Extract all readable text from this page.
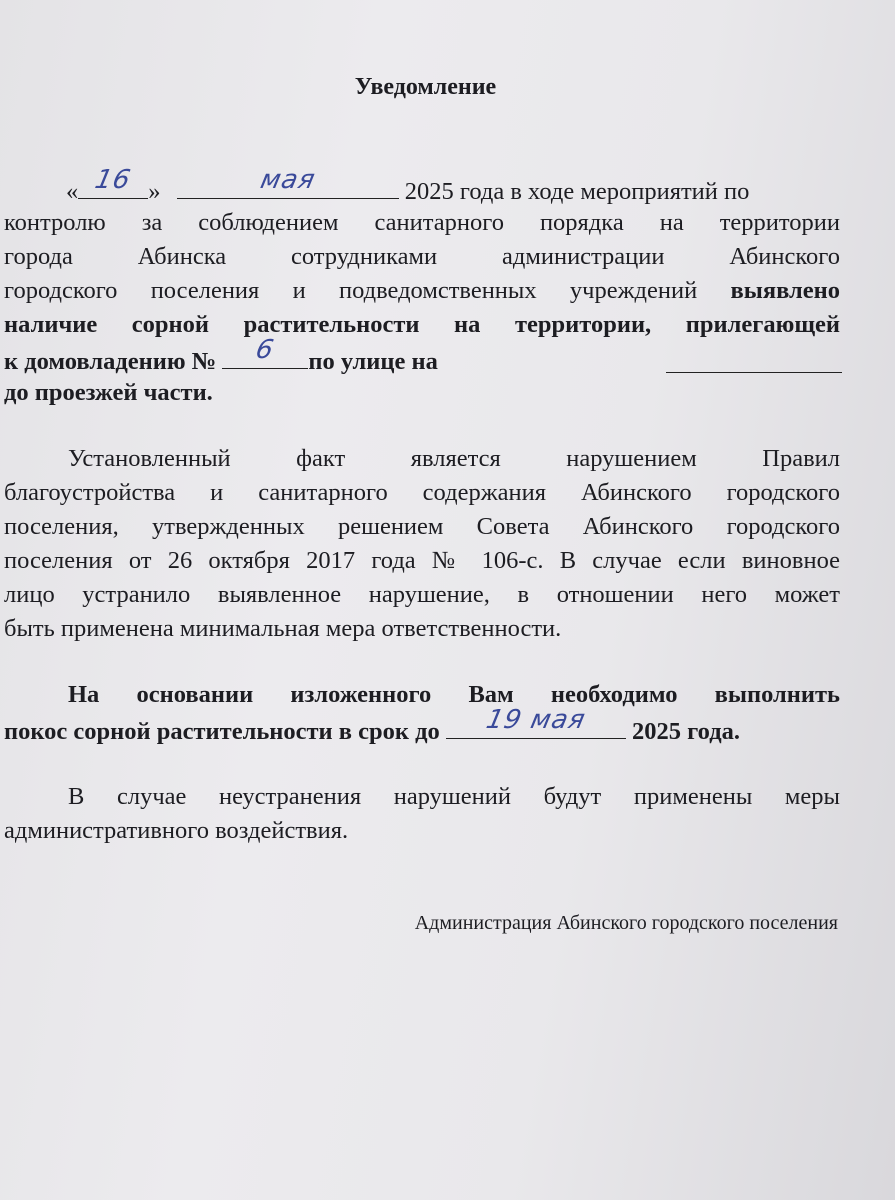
Уведомление
« 16 »	мая	2025 года в ходе мероприятий по
контролю за соблюдением санитарного порядка на территории
города Абинска сотрудниками администрации Абинского
городского поселения и подведомственных учреждений выявлено
наличие сорной растительности на территории, прилегающей
к домовладению №	6	по улице на
до проезжей части.
Установленный факт является нарушением Правил
благоустройства и санитарного содержания Абинского городского
поселения, утвержденных решением Совета Абинского городского
поселения от 26 октября 2017 года № 106-с. В случае если виновное
лицо устранило выявленное нарушение, в отношении него может
быть применена минимальная мера ответственности.
На основании изложенного Вам необходимо выполнить
покос сорной растительности в срок до	19 мая	2025 года.
В случае неустранения нарушений будут применены меры
административного воздействия.
Администрация Абинского городского поселения
